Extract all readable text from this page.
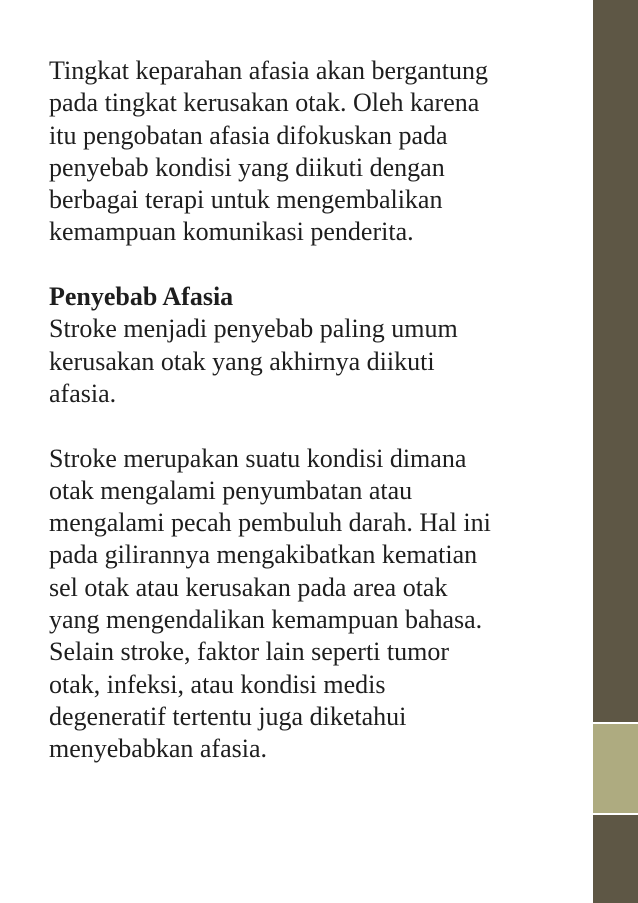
Tingkat keparahan afasia akan bergantung
pada tingkat kerusakan otak. Oleh karena
itu pengobatan afasia difokuskan pada
penyebab kondisi yang diikuti dengan
berbagai terapi untuk mengembalikan
kemampuan komunikasi penderita.
Penyebab Afasia
Stroke menjadi penyebab paling umum
kerusakan otak yang akhirnya diikuti
afasia.
Stroke merupakan suatu kondisi dimana
otak mengalami penyumbatan atau
mengalami pecah pembuluh darah. Hal ini
pada gilirannya mengakibatkan kematian
sel otak atau kerusakan pada area otak
yang mengendalikan kemampuan bahasa.
Selain stroke, faktor lain seperti tumor
otak, infeksi, atau kondisi medis
degeneratif tertentu juga diketahui
menyebabkan afasia.
